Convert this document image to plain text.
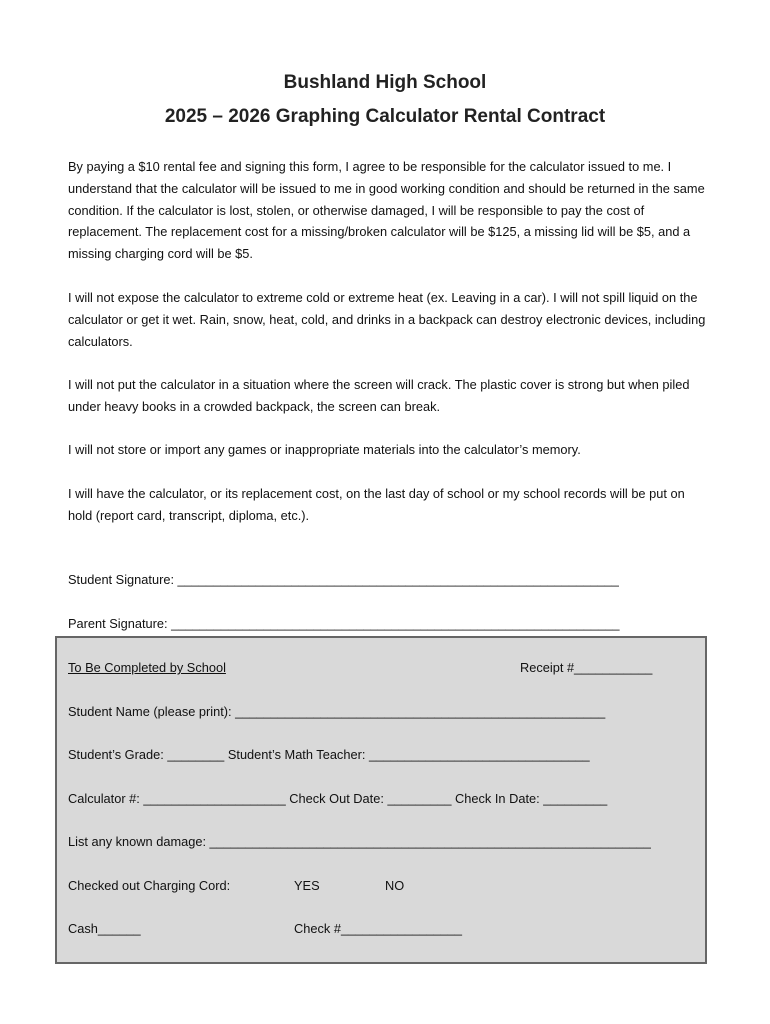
Bushland High School
2025 – 2026 Graphing Calculator Rental Contract
By paying a $10 rental fee and signing this form, I agree to be responsible for the calculator issued to me. I understand that the calculator will be issued to me in good working condition and should be returned in the same condition. If the calculator is lost, stolen, or otherwise damaged, I will be responsible to pay the cost of replacement. The replacement cost for a missing/broken calculator will be $125, a missing lid will be $5, and a missing charging cord will be $5.
I will not expose the calculator to extreme cold or extreme heat (ex. Leaving in a car). I will not spill liquid on the calculator or get it wet. Rain, snow, heat, cold, and drinks in a backpack can destroy electronic devices, including calculators.
I will not put the calculator in a situation where the screen will crack. The plastic cover is strong but when piled under heavy books in a crowded backpack, the screen can break.
I will not store or import any games or inappropriate materials into the calculator’s memory.
I will have the calculator, or its replacement cost, on the last day of school or my school records will be put on hold (report card, transcript, diploma, etc.).
Student Signature: ______________________________________________________________
Parent Signature: _______________________________________________________________
To Be Completed by School	Receipt #___________
Student Name (please print): ____________________________________________________
Student’s Grade: ________ Student’s Math Teacher: _______________________________
Calculator #: ____________________ Check Out Date: _________ Check In Date: _________
List any known damage: ______________________________________________________________
Checked out Charging Cord:	YES	NO
Cash______	Check #_________________
